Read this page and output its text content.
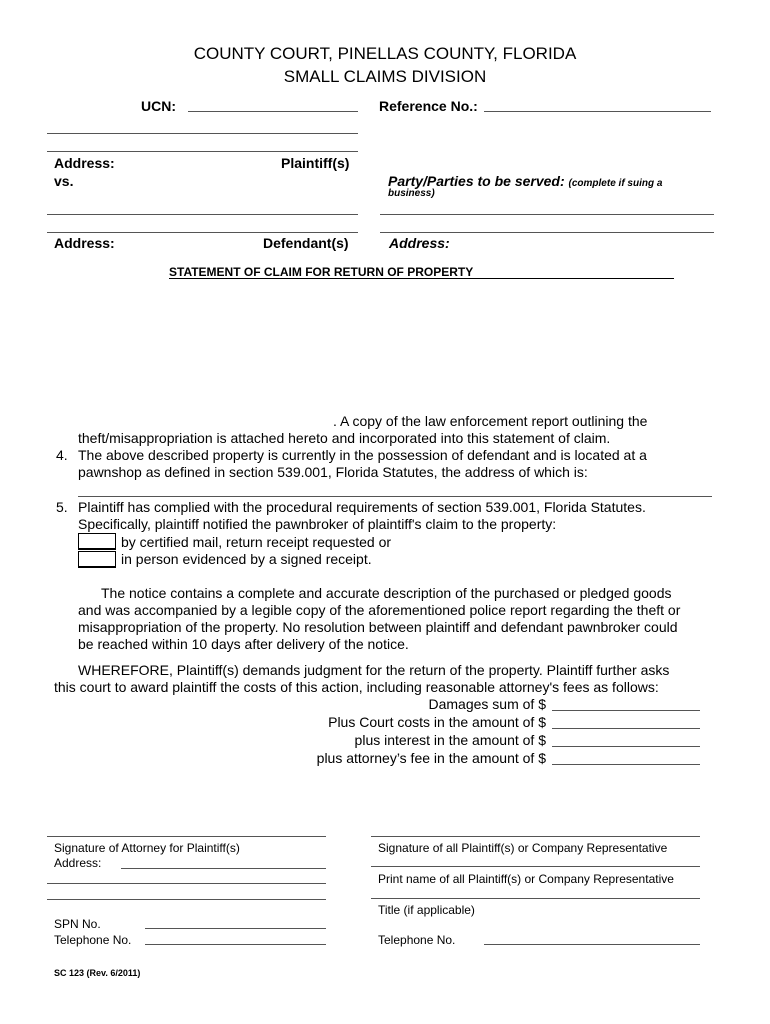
COUNTY COURT, PINELLAS COUNTY, FLORIDA
SMALL CLAIMS DIVISION
UCN:	Reference No.:
Address:	Plaintiff(s)
vs.	Party/Parties to be served: (complete if suing a
business)
Address:	Defendant(s)	Address:
STATEMENT OF CLAIM FOR RETURN OF PROPERTY
. A copy of the law enforcement report outlining the
theft/misappropriation is attached hereto and incorporated into this statement of claim.
4. The above described property is currently in the possession of defendant and is located at a
pawnshop as defined in section 539.001, Florida Statutes, the address of which is:
5. Plaintiff has complied with the procedural requirements of section 539.001, Florida Statutes.
Specifically, plaintiff notified the pawnbroker of plaintiff's claim to the property:
by certified mail, return receipt requested or
in person evidenced by a signed receipt.
The notice contains a complete and accurate description of the purchased or pledged goods
and was accompanied by a legible copy of the aforementioned police report regarding the theft or
misappropriation of the property. No resolution between plaintiff and defendant pawnbroker could
be reached within 10 days after delivery of the notice.
WHEREFORE, Plaintiff(s) demands judgment for the return of the property. Plaintiff further asks
this court to award plaintiff the costs of this action, including reasonable attorney's fees as follows:
Damages sum of $
Plus Court costs in the amount of $
plus interest in the amount of $
plus attorney’s fee in the amount of $
Signature of Attorney for Plaintiff(s)
Address:
SPN No.
Telephone No.
Signature of all Plaintiff(s) or Company Representative
Print name of all Plaintiff(s) or Company Representative
Title (if applicable)
Telephone No.
SC 123 (Rev. 6/2011)
